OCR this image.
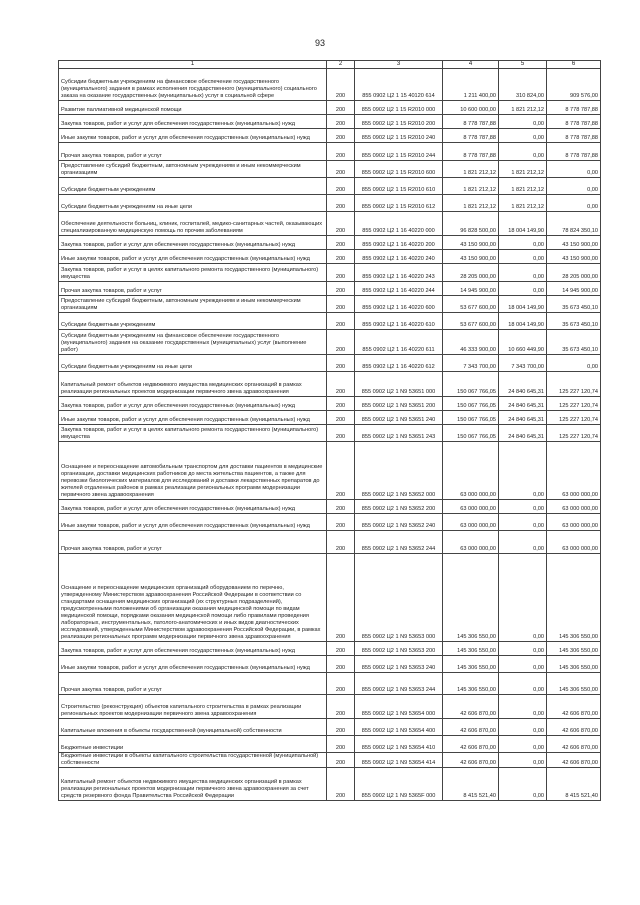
93
1	2	3	4	5	6
Субсидии бюджетным учреждениям на финансовое обеспечение государственного (муниципального) задания в рамках исполнения государственного (муниципального) социального заказа на оказание государственных (муниципальных) услуг в социальной сфере	200	855 0902 Ц2 1 15 40120 614	1 211 400,00	310 824,00	909 576,00
Развитие паллиативной медицинской помощи	200	855 0902 Ц2 1 15 R2010 000	10 600 000,00	1 821 212,12	8 778 787,88
Закупка товаров, работ и услуг для обеспечения государственных (муниципальных) нужд	200	855 0902 Ц2 1 15 R2010 200	8 778 787,88	0,00	8 778 787,88
Иные закупки товаров, работ и услуг для обеспечения государственных (муниципальных) нужд	200	855 0902 Ц2 1 15 R2010 240	8 778 787,88	0,00	8 778 787,88
Прочая закупка товаров, работ и услуг	200	855 0902 Ц2 1 15 R2010 244	8 778 787,88	0,00	8 778 787,88
Предоставление субсидий бюджетным, автономным учреждениям и иным некоммерческим организациям	200	855 0902 Ц2 1 15 R2010 600	1 821 212,12	1 821 212,12	0,00
Субсидии бюджетным учреждениям	200	855 0902 Ц2 1 15 R2010 610	1 821 212,12	1 821 212,12	0,00
Субсидии бюджетным учреждениям на иные цели	200	855 0902 Ц2 1 15 R2010 612	1 821 212,12	1 821 212,12	0,00
Обеспечение деятельности больниц, клиник, госпиталей, медико-санитарных частей, оказывающих специализированную медицинскую помощь по прочим заболеваниям	200	855 0902 Ц2 1 16 40220 000	96 828 500,00	18 004 149,90	78 824 350,10
Закупка товаров, работ и услуг для обеспечения государственных (муниципальных) нужд	200	855 0902 Ц2 1 16 40220 200	43 150 900,00	0,00	43 150 900,00
Иные закупки товаров, работ и услуг для обеспечения государственных (муниципальных) нужд	200	855 0902 Ц2 1 16 40220 240	43 150 900,00	0,00	43 150 900,00
Закупка товаров, работ и услуг в целях капитального ремонта государственного (муниципального) имущества	200	855 0902 Ц2 1 16 40220 243	28 205 000,00	0,00	28 205 000,00
Прочая закупка товаров, работ и услуг	200	855 0902 Ц2 1 16 40220 244	14 945 900,00	0,00	14 945 900,00
Предоставление субсидий бюджетным, автономным учреждениям и иным некоммерческим организациям	200	855 0902 Ц2 1 16 40220 600	53 677 600,00	18 004 149,90	35 673 450,10
Субсидии бюджетным учреждениям	200	855 0902 Ц2 1 16 40220 610	53 677 600,00	18 004 149,90	35 673 450,10
Субсидии бюджетным учреждениям на финансовое обеспечение государственного (муниципального) задания на оказание государственных (муниципальных) услуг (выполнение работ)	200	855 0902 Ц2 1 16 40220 611	46 333 900,00	10 660 449,90	35 673 450,10
Субсидии бюджетным учреждениям на иные цели	200	855 0902 Ц2 1 16 40220 612	7 343 700,00	7 343 700,00	0,00
Капитальный ремонт объектов недвижимого имущества медицинских организаций в рамках реализации региональных проектов модернизации первичного звена здравоохранения	200	855 0902 Ц2 1 N9 53651 000	150 067 766,05	24 840 645,31	125 227 120,74
Закупка товаров, работ и услуг для обеспечения государственных (муниципальных) нужд	200	855 0902 Ц2 1 N9 53651 200	150 067 766,05	24 840 645,31	125 227 120,74
Иные закупки товаров, работ и услуг для обеспечения государственных (муниципальных) нужд	200	855 0902 Ц2 1 N9 53651 240	150 067 766,05	24 840 645,31	125 227 120,74
Закупка товаров, работ и услуг в целях капитального ремонта государственного (муниципального) имущества	200	855 0902 Ц2 1 N9 53651 243	150 067 766,05	24 840 645,31	125 227 120,74
Оснащение и переоснащение автомобильным транспортом для доставки пациентов в медицинские организации, доставки медицинских работников до места жительства пациентов, а также для перевозки биологических материалов для исследований и доставки лекарственных препаратов до жителей отдаленных районов в рамках реализации региональных программ модернизации первичного звена здравоохранения	200	855 0902 Ц2 1 N9 53652 000	63 000 000,00	0,00	63 000 000,00
Закупка товаров, работ и услуг для обеспечения государственных (муниципальных) нужд	200	855 0902 Ц2 1 N9 53652 200	63 000 000,00	0,00	63 000 000,00
Иные закупки товаров, работ и услуг для обеспечения государственных (муниципальных) нужд	200	855 0902 Ц2 1 N9 53652 240	63 000 000,00	0,00	63 000 000,00
Прочая закупка товаров, работ и услуг	200	855 0902 Ц2 1 N9 53652 244	63 000 000,00	0,00	63 000 000,00
Оснащение и переоснащение медицинских организаций оборудованием по перечню, утвержденному Министерством здравоохранения Российской Федерации в соответствии со стандартами оснащения медицинских организаций (их структурных подразделений), предусмотренными положениями об организации оказания медицинской помощи по видам медицинской помощи, порядками оказания медицинской помощи либо правилами проведения лабораторных, инструментальных, патолого-анатомических и иных видов диагностических исследований, утвержденными Министерством здравоохранения Российской Федерации, в рамках реализации региональных программ модернизации первичного звена здравоохранения	200	855 0902 Ц2 1 N9 53653 000	145 306 550,00	0,00	145 306 550,00
Закупка товаров, работ и услуг для обеспечения государственных (муниципальных) нужд	200	855 0902 Ц2 1 N9 53653 200	145 306 550,00	0,00	145 306 550,00
Иные закупки товаров, работ и услуг для обеспечения государственных (муниципальных) нужд	200	855 0902 Ц2 1 N9 53653 240	145 306 550,00	0,00	145 306 550,00
Прочая закупка товаров, работ и услуг	200	855 0902 Ц2 1 N9 53653 244	145 306 550,00	0,00	145 306 550,00
Строительство (реконструкция) объектов капитального строительства в рамках реализации региональных проектов модернизации первичного звена здравоохранения	200	855 0902 Ц2 1 N9 53654 000	42 606 870,00	0,00	42 606 870,00
Капитальные вложения в объекты государственной (муниципальной) собственности	200	855 0902 Ц2 1 N9 53654 400	42 606 870,00	0,00	42 606 870,00
Бюджетные инвестиции	200	855 0902 Ц2 1 N9 53654 410	42 606 870,00	0,00	42 606 870,00
Бюджетные инвестиции в объекты капитального строительства государственной (муниципальной) собственности	200	855 0902 Ц2 1 N9 53654 414	42 606 870,00	0,00	42 606 870,00
Капитальный ремонт объектов недвижимого имущества медицинских организаций в рамках реализации региональных проектов модернизации первичного звена здравоохранения за счет средств резервного фонда Правительства Российской Федерации	200	855 0902 Ц2 1 N9 5365F 000	8 415 521,40	0,00	8 415 521,40
